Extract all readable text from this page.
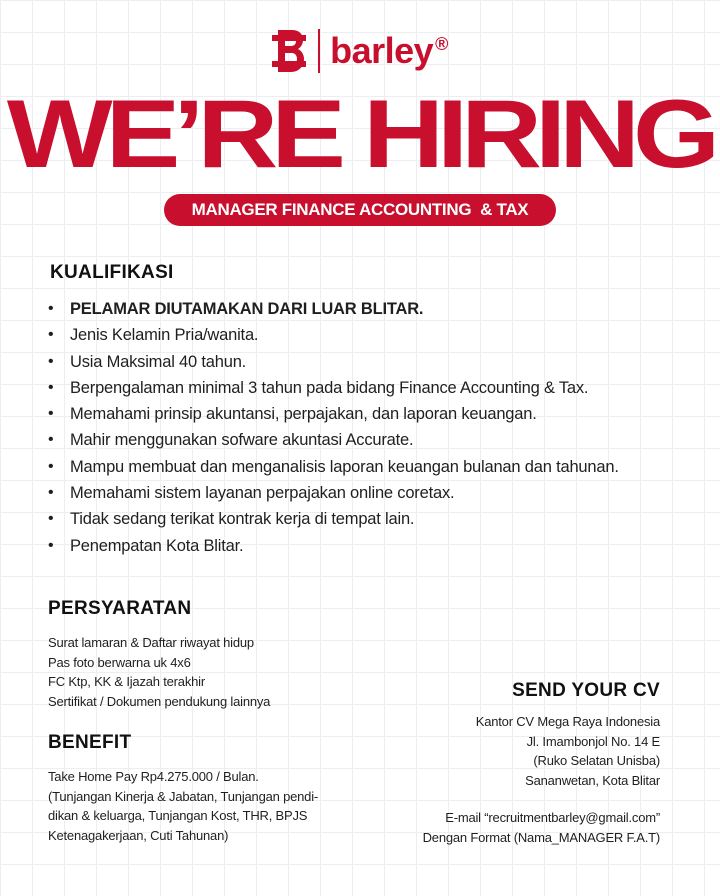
barley ®
WE’RE HIRING
MANAGER FINANCE ACCOUNTING  & TAX
KUALIFIKASI
• PELAMAR DIUTAMAKAN DARI LUAR BLITAR.
• Jenis Kelamin Pria/wanita.
• Usia Maksimal 40 tahun.
• Berpengalaman minimal 3 tahun pada bidang Finance Accounting & Tax.
• Memahami prinsip akuntansi, perpajakan, dan laporan keuangan.
• Mahir menggunakan sofware akuntasi Accurate.
• Mampu membuat dan menganalisis laporan keuangan bulanan dan tahunan.
• Memahami sistem layanan perpajakan online coretax.
• Tidak sedang terikat kontrak kerja di tempat lain.
• Penempatan Kota Blitar.
PERSYARATAN
Surat lamaran & Daftar riwayat hidup
Pas foto berwarna uk 4x6
FC Ktp, KK & Ijazah terakhir
Sertifikat / Dokumen pendukung lainnya
BENEFIT
Take Home Pay Rp4.275.000 / Bulan.
(Tunjangan Kinerja & Jabatan, Tunjangan pendi-
dikan & keluarga, Tunjangan Kost, THR, BPJS
Ketenagakerjaan, Cuti Tahunan)
SEND YOUR CV
Kantor CV Mega Raya Indonesia
Jl. Imambonjol No. 14 E
(Ruko Selatan Unisba)
Sananwetan, Kota Blitar
E-mail “recruitmentbarley@gmail.com”
Dengan Format (Nama_MANAGER F.A.T)
